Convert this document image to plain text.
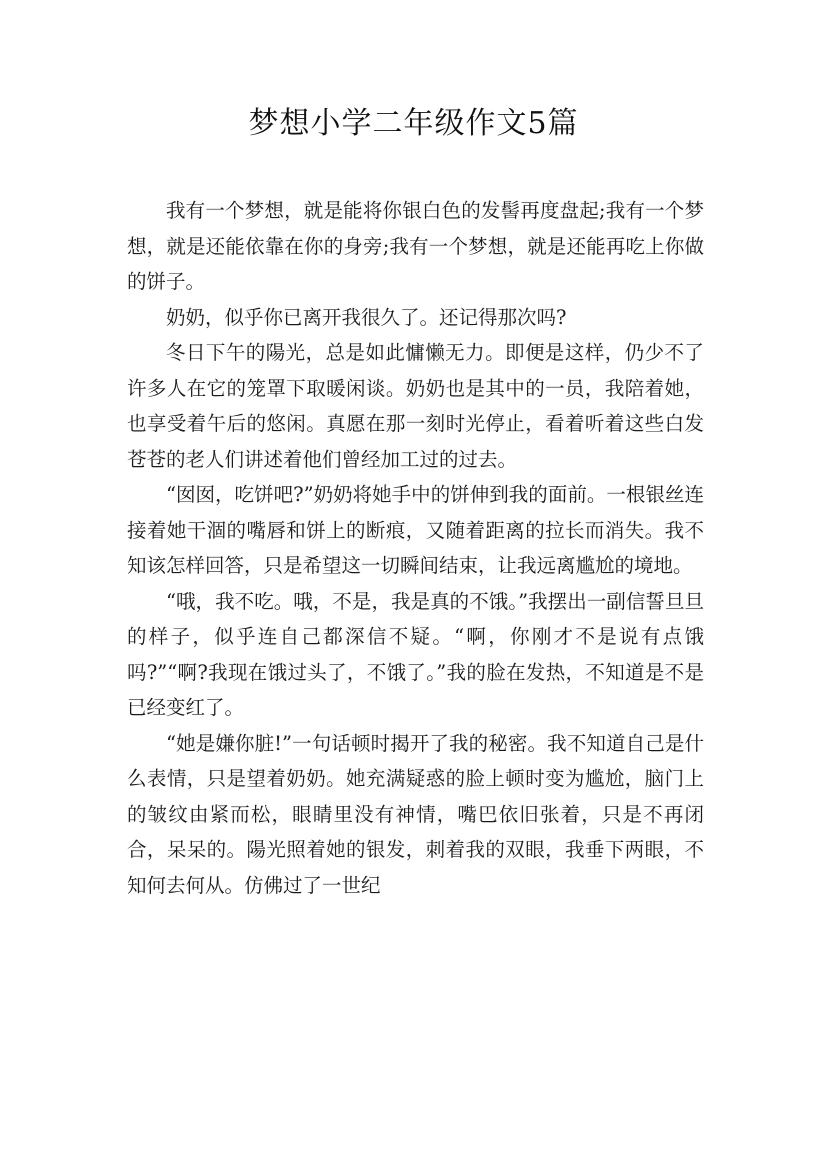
梦想小学二年级作文5篇

我有一个梦想，就是能将你银白色的发髻再度盘起;我有一个梦想，就是还能依靠在你的身旁;我有一个梦想，就是还能再吃上你做的饼子。

奶奶，似乎你已离开我很久了。还记得那次吗?

冬日下午的陽光，总是如此慵懒无力。即便是这样，仍少不了许多人在它的笼罩下取暖闲谈。奶奶也是其中的一员，我陪着她，也享受着午后的悠闲。真愿在那一刻时光停止，看着听着这些白发苍苍的老人们讲述着他们曾经加工过的过去。

“囡囡，吃饼吧?”奶奶将她手中的饼伸到我的面前。一根银丝连接着她干涸的嘴唇和饼上的断痕，又随着距离的拉长而消失。我不知该怎样回答，只是希望这一切瞬间结束，让我远离尴尬的境地。

“哦，我不吃。哦，不是，我是真的不饿。”我摆出一副信誓旦旦的样子，似乎连自己都深信不疑。“啊，你刚才不是说有点饿吗?”“啊?我现在饿过头了，不饿了。”我的脸在发热，不知道是不是已经变红了。

“她是嫌你脏!”一句话顿时揭开了我的秘密。我不知道自己是什么表情，只是望着奶奶。她充满疑惑的脸上顿时变为尴尬，脑门上的皱纹由紧而松，眼睛里没有神情，嘴巴依旧张着，只是不再闭合，呆呆的。陽光照着她的银发，刺着我的双眼，我垂下两眼，不知何去何从。仿佛过了一世纪
